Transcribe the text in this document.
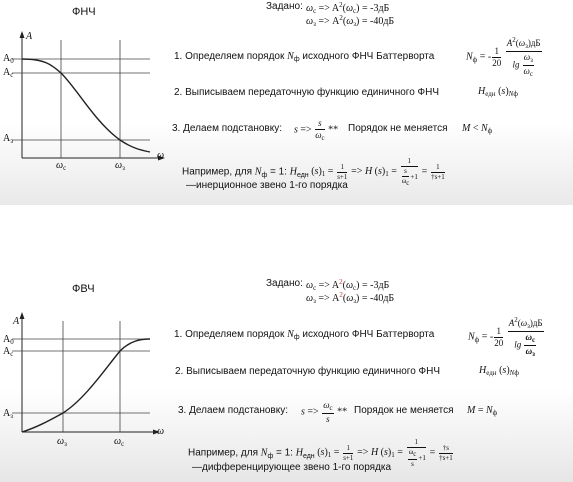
ФНЧ	Задано: $\omega_c => A^2(\omega_c) = -3дБ$
$\omega_з => A^2(\omega_з) = -40дБ$
A
$A_0$
$A_c$
$A_з$
ω
$\omega_c$	$\omega_з$
1. Определяем порядок $N_ф$ исходного ФНЧ Баттерворта	$N_ф$ = - $\frac{1}{20}$
$\frac{A^2(\omega_з)дБ}{\lg \frac{\omega_з}{\omega_c}}$
2. Выписываем передаточную функцию единичного ФНЧ	$H_{едн}$ $(s)_{Nф}$
3. Делаем подстановку: $s => \frac{s}{\omega_c}$ ** Порядок не меняется $M < N_ф$
Например, для $N_ф = 1$: $H_{едн}$ $(s)_1 = \frac{1}{s+1} => H$ $(s)_1 = \frac{1}{\frac{s}{\omega c} +1} = \frac{1}{\dagger s+1}$
—инерционное звено 1-го порядка
ФВЧ	Задано: $\omega_c => A^2(\omega_c) = -3дБ$
$\omega_з => A^2(\omega_з) = -40дБ$
A
$A_0$
$A_c$
$A_з$
ω
$\omega_з$	$\omega_c$
1. Определяем порядок $N_ф$ исходного ФНЧ Баттерворта	$N_ф$ = - $\frac{1}{20}$
$\frac{A^2(\omega_з)дБ}{\lg \frac{\omega_c}{\omega_з}}$
2. Выписываем передаточную функцию единичного ФНЧ	$H_{едн}$ $(s)_{Nф}$
3. Делаем подстановку: $s => \frac{\omega_c}{s}$ ** Порядок не меняется $M = N_ф$
Например, для $N_ф = 1$: $H_{едн}$ $(s)_1 = \frac{1}{s+1} => H$ $(s)_1 = \frac{1}{\frac{\omega c}{s} +1} = \frac{\dagger s}{\dagger s+1}$
—дифференцирующее звено 1-го порядка
